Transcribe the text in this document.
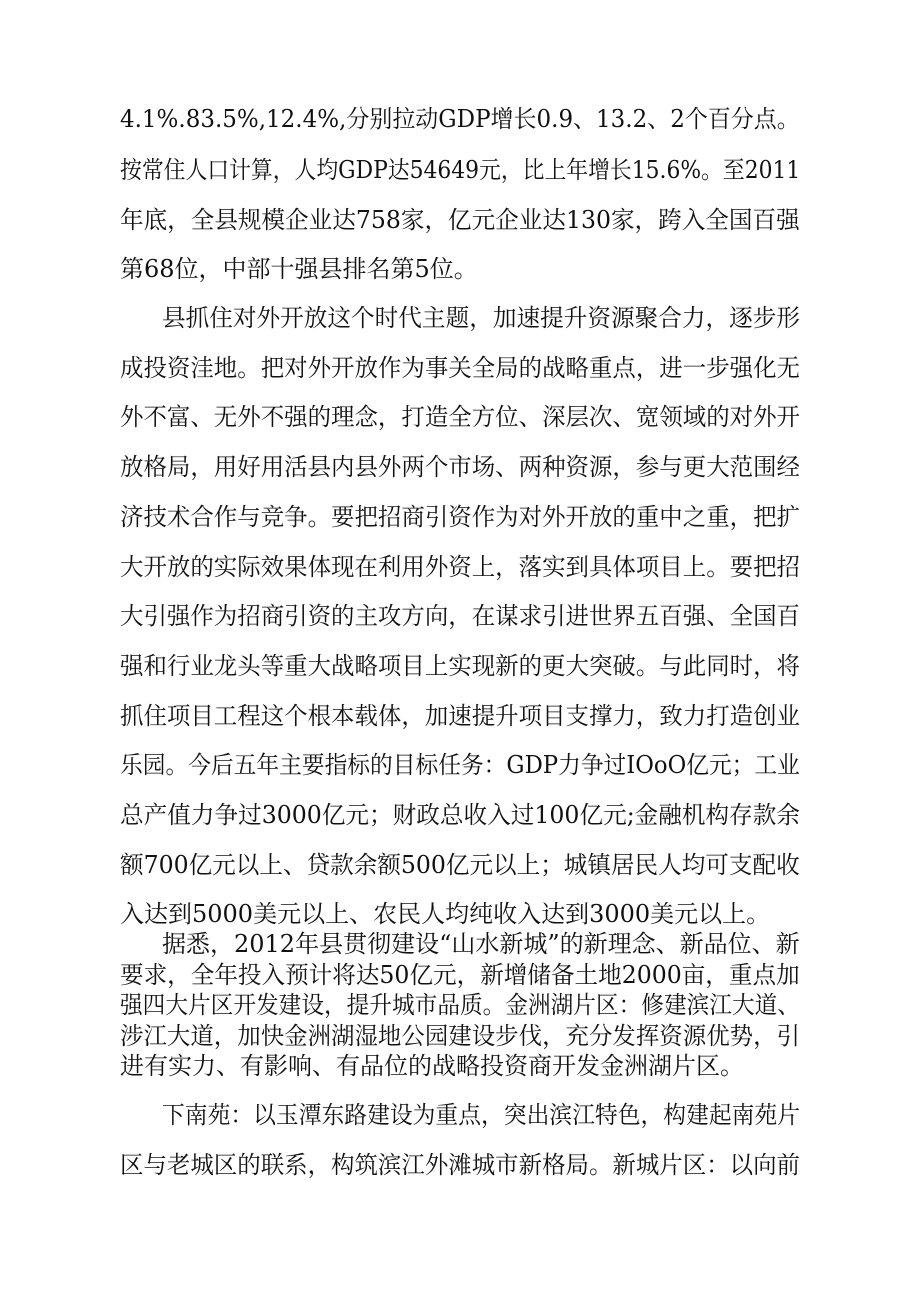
4.1%.83.5%,12.4%,分别拉动GDP增长0.9、13.2、2个百分点。
按常住人口计算，人均GDP达54649元，比上年增长15.6%。至2011
年底，全县规模企业达758家，亿元企业达130家，跨入全国百强
第68位，中部十强县排名第5位。
县抓住对外开放这个时代主题，加速提升资源聚合力，逐步形
成投资洼地。把对外开放作为事关全局的战略重点，进一步强化无
外不富、无外不强的理念，打造全方位、深层次、宽领域的对外开
放格局，用好用活县内县外两个市场、两种资源，参与更大范围经
济技术合作与竞争。要把招商引资作为对外开放的重中之重，把扩
大开放的实际效果体现在利用外资上，落实到具体项目上。要把招
大引强作为招商引资的主攻方向，在谋求引进世界五百强、全国百
强和行业龙头等重大战略项目上实现新的更大突破。与此同时，将
抓住项目工程这个根本载体，加速提升项目支撑力，致力打造创业
乐园。今后五年主要指标的目标任务：GDP力争过IOoO亿元；工业
总产值力争过3000亿元；财政总收入过100亿元;金融机构存款余
额700亿元以上、贷款余额500亿元以上；城镇居民人均可支配收
入达到5000美元以上、农民人均纯收入达到3000美元以上。
据悉，2012年县贯彻建设“山水新城”的新理念、新品位、新
要求，全年投入预计将达50亿元，新增储备土地2000亩，重点加
强四大片区开发建设，提升城市品质。金洲湖片区：修建滨江大道、
涉江大道，加快金洲湖湿地公园建设步伐，充分发挥资源优势，引
进有实力、有影响、有品位的战略投资商开发金洲湖片区。
下南苑：以玉潭东路建设为重点，突出滨江特色，构建起南苑片
区与老城区的联系，构筑滨江外滩城市新格局。新城片区：以向前
